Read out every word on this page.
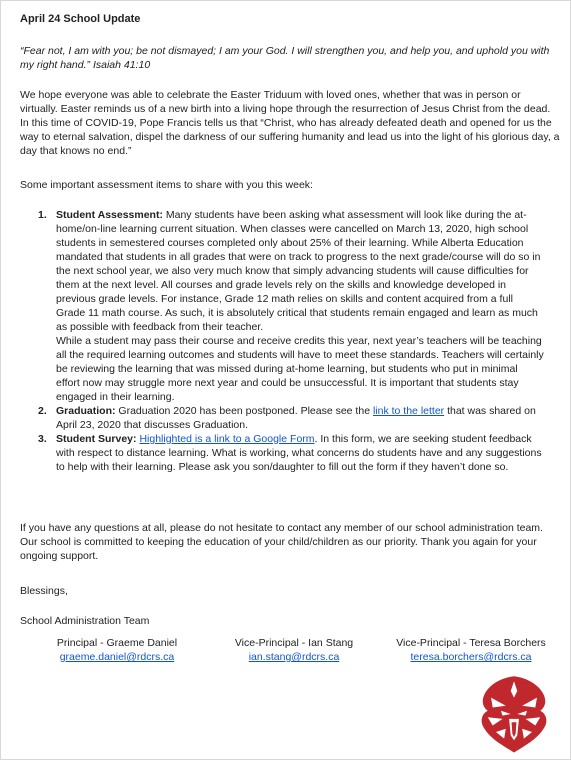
April 24 School Update
“Fear not, I am with you; be not dismayed; I am your God. I will strengthen you, and help you, and uphold you with my right hand.” Isaiah 41:10
We hope everyone was able to celebrate the Easter Triduum with loved ones, whether that was in person or virtually. Easter reminds us of a new birth into a living hope through the resurrection of Jesus Christ from the dead. In this time of COVID-19, Pope Francis tells us that “Christ, who has already defeated death and opened for us the way to eternal salvation, dispel the darkness of our suffering humanity and lead us into the light of his glorious day, a day that knows no end.”
Some important assessment items to share with you this week:
1. Student Assessment: Many students have been asking what assessment will look like during the at-home/on-line learning current situation. When classes were cancelled on March 13, 2020, high school students in semestered courses completed only about 25% of their learning. While Alberta Education mandated that students in all grades that were on track to progress to the next grade/course will do so in the next school year, we also very much know that simply advancing students will cause difficulties for them at the next level. All courses and grade levels rely on the skills and knowledge developed in previous grade levels. For instance, Grade 12 math relies on skills and content acquired from a full Grade 11 math course. As such, it is absolutely critical that students remain engaged and learn as much as possible with feedback from their teacher.
While a student may pass their course and receive credits this year, next year’s teachers will be teaching all the required learning outcomes and students will have to meet these standards. Teachers will certainly be reviewing the learning that was missed during at-home learning, but students who put in minimal effort now may struggle more next year and could be unsuccessful. It is important that students stay engaged in their learning.
2. Graduation: Graduation 2020 has been postponed. Please see the link to the letter that was shared on April 23, 2020 that discusses Graduation.
3. Student Survey: Highlighted is a link to a Google Form. In this form, we are seeking student feedback with respect to distance learning. What is working, what concerns do students have and any suggestions to help with their learning. Please ask you son/daughter to fill out the form if they haven’t done so.
If you have any questions at all, please do not hesitate to contact any member of our school administration team. Our school is committed to keeping the education of your child/children as our priority. Thank you again for your ongoing support.
Blessings,
School Administration Team
Principal - Graeme Daniel
graeme.daniel@rdcrs.ca
Vice-Principal - Ian Stang
ian.stang@rdcrs.ca
Vice-Principal - Teresa Borchers
teresa.borchers@rdcrs.ca
